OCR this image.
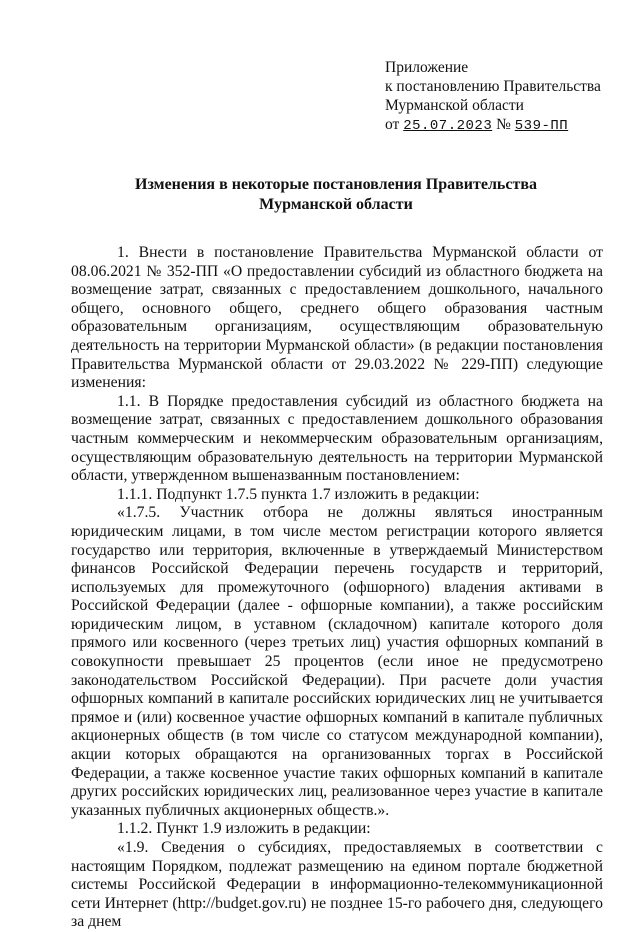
Приложение
к постановлению Правительства
Мурманской области
от 25.07.2023 № 539-ПП
Изменения в некоторые постановления Правительства
Мурманской области

1. Внести в постановление Правительства Мурманской области от 08.06.2021 № 352-ПП «О предоставлении субсидий из областного бюджета на возмещение затрат, связанных с предоставлением дошкольного, начального общего, основного общего, среднего общего образования частным образовательным организациям, осуществляющим образовательную деятельность на территории Мурманской области» (в редакции постановления Правительства Мурманской области от 29.03.2022 № 229-ПП) следующие изменения:

1.1. В Порядке предоставления субсидий из областного бюджета на возмещение затрат, связанных с предоставлением дошкольного образования частным коммерческим и некоммерческим образовательным организациям, осуществляющим образовательную деятельность на территории Мурманской области, утвержденном вышеназванным постановлением:

1.1.1. Подпункт 1.7.5 пункта 1.7 изложить в редакции:

«1.7.5. Участник отбора не должны являться иностранным юридическим лицами, в том числе местом регистрации которого является государство или территория, включенные в утверждаемый Министерством финансов Российской Федерации перечень государств и территорий, используемых для промежуточного (офшорного) владения активами в Российской Федерации (далее - офшорные компании), а также российским юридическим лицом, в уставном (складочном) капитале которого доля прямого или косвенного (через третьих лиц) участия офшорных компаний в совокупности превышает 25 процентов (если иное не предусмотрено законодательством Российской Федерации). При расчете доли участия офшорных компаний в капитале российских юридических лиц не учитывается прямое и (или) косвенное участие офшорных компаний в капитале публичных акционерных обществ (в том числе со статусом международной компании), акции которых обращаются на организованных торгах в Российской Федерации, а также косвенное участие таких офшорных компаний в капитале других российских юридических лиц, реализованное через участие в капитале указанных публичных акционерных обществ.».

1.1.2. Пункт 1.9 изложить в редакции:

«1.9. Сведения о субсидиях, предоставляемых в соответствии с настоящим Порядком, подлежат размещению на едином портале бюджетной системы Российской Федерации в информационно-телекоммуникационной сети Интернет (http://budget.gov.ru) не позднее 15-го рабочего дня, следующего за днем
